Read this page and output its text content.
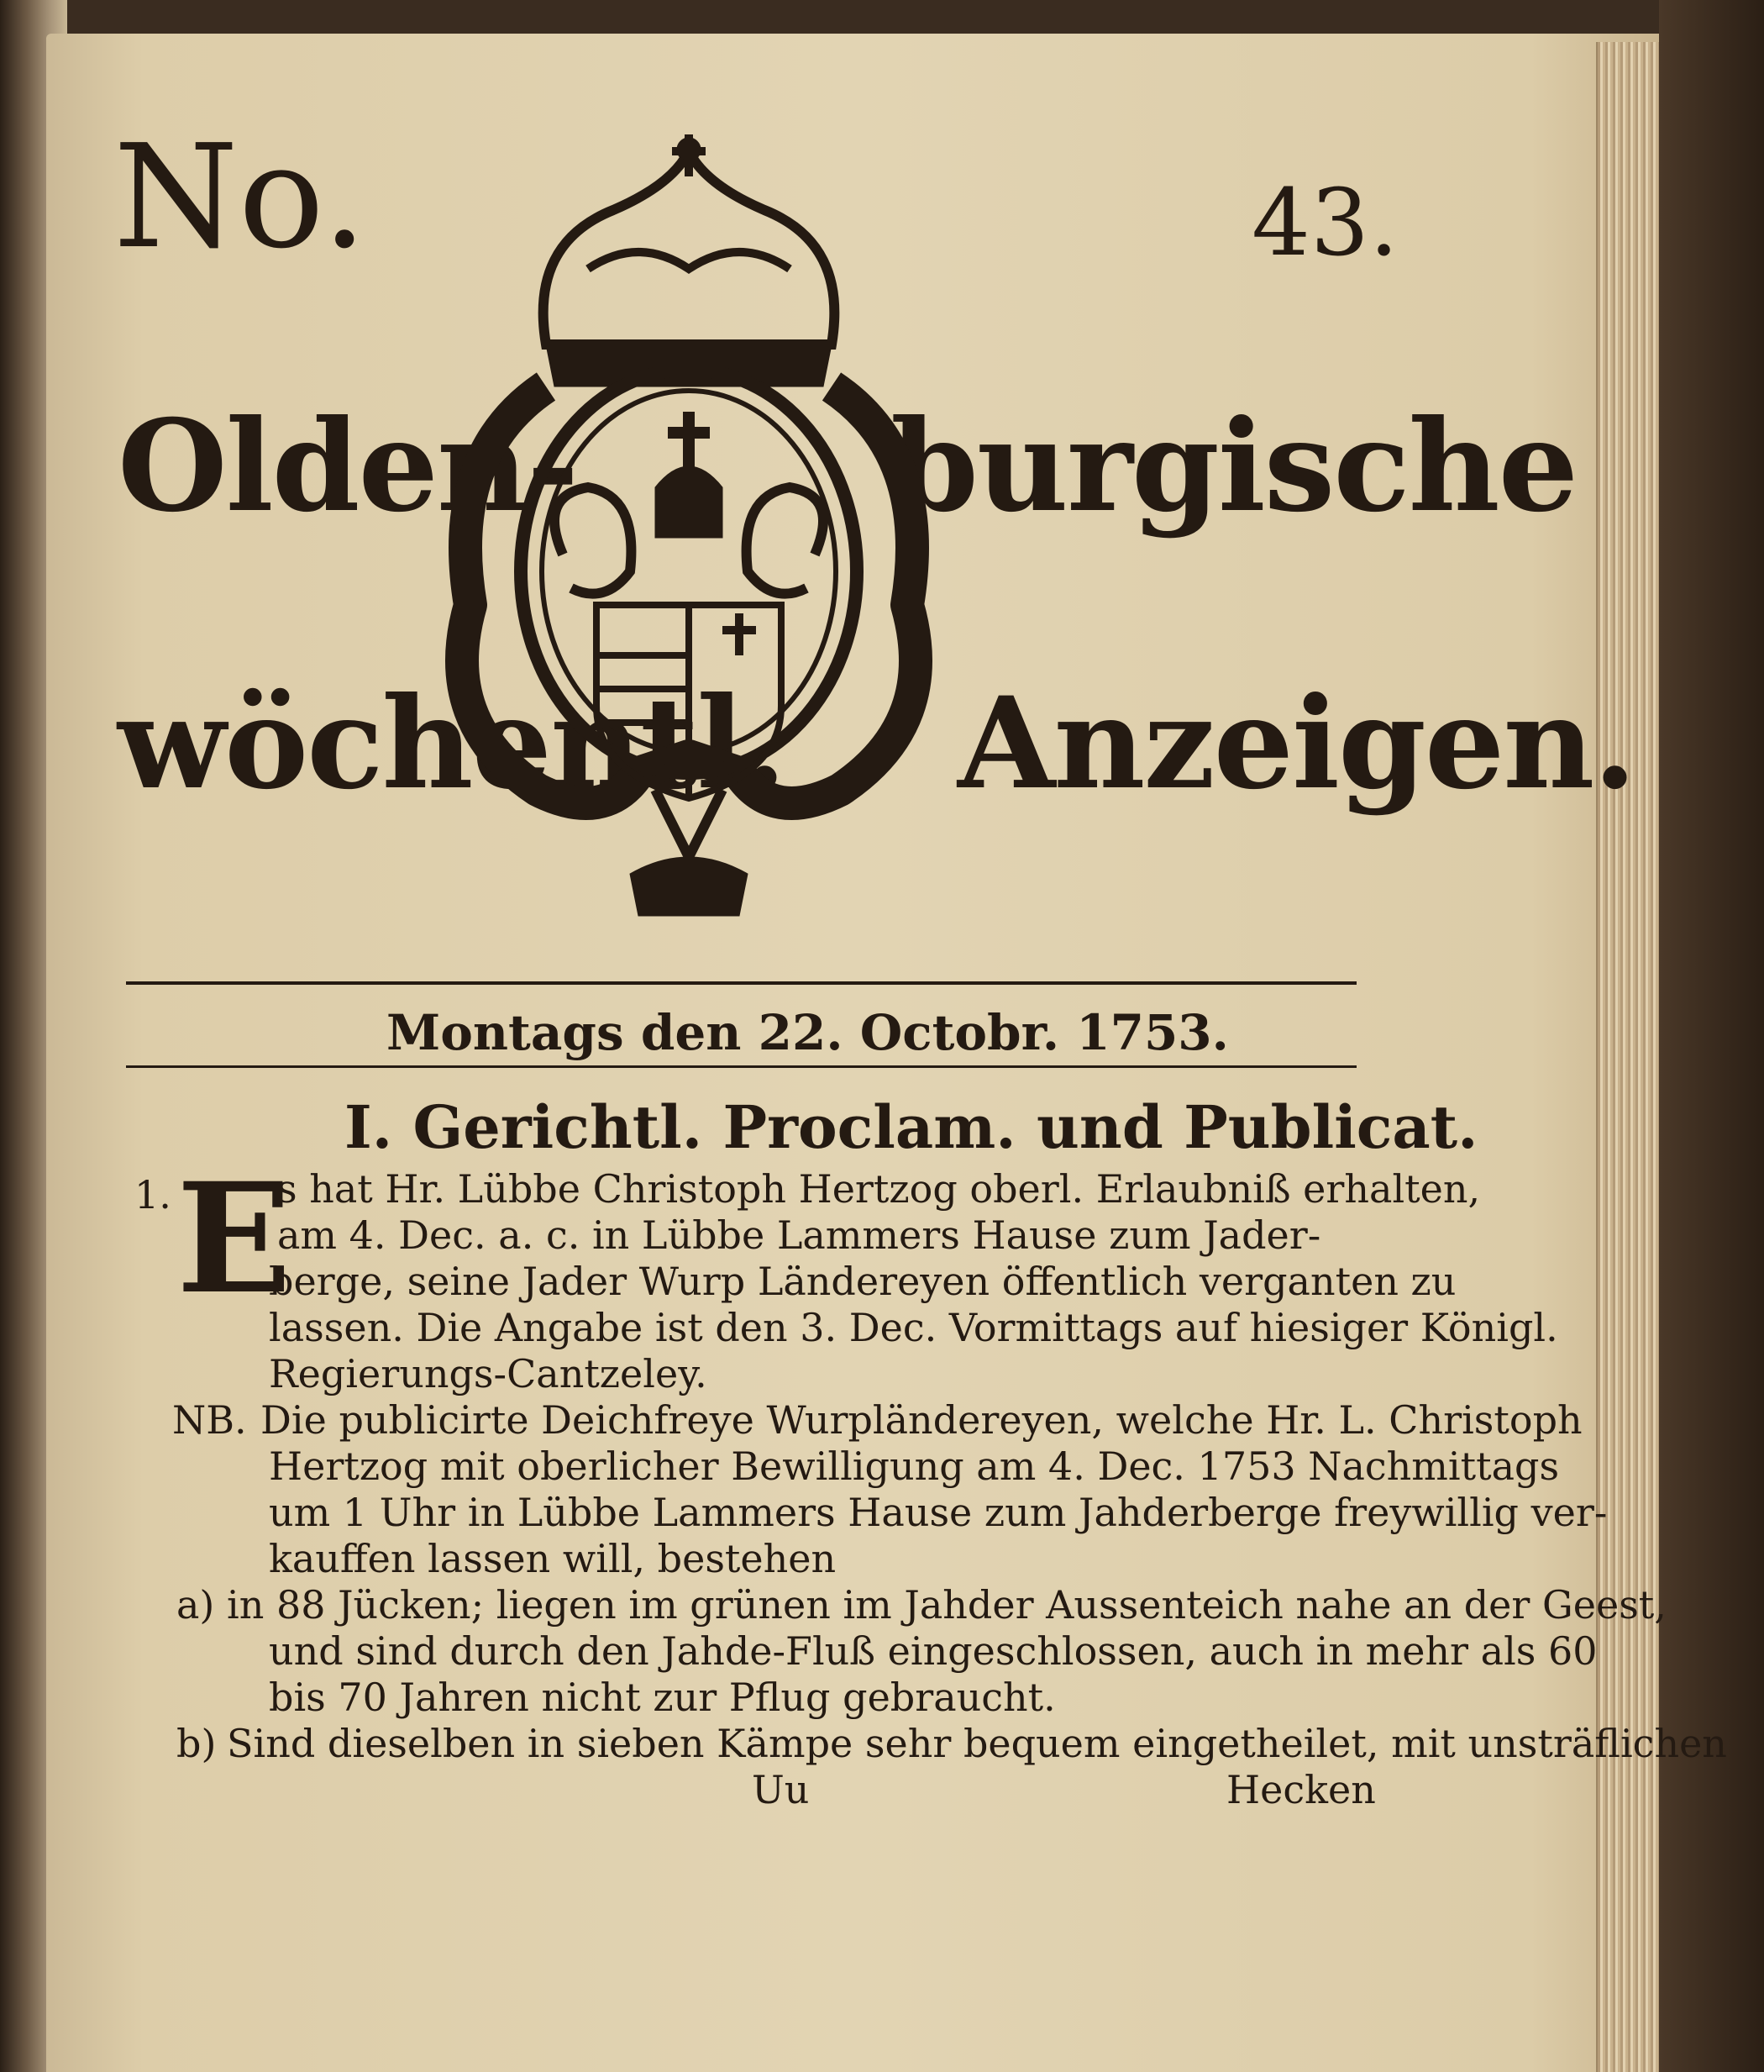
No.	43.
Olden- burgische
wöchentl. Anzeigen.
Montags den 22. Octobr. 1753.
I. Gerichtl. Proclam. und Publicat.
1. E
s hat Hr. Lübbe Christoph Hertzog oberl. Erlaubniß erhalten,
am 4. Dec. a. c. in Lübbe Lammers Hause zum Jader-
berge, seine Jader Wurp Ländereyen öffentlich verganten zu
lassen. Die Angabe ist den 3. Dec. Vormittags auf hiesiger Königl.
Regierungs-Cantzeley.
NB. Die publicirte Deichfreye Wurpländereyen, welche Hr. L. Christoph
Hertzog mit oberlicher Bewilligung am 4. Dec. 1753 Nachmittags
um 1 Uhr in Lübbe Lammers Hause zum Jahderberge freywillig ver-
kauffen lassen will, bestehen
a) in 88 Jücken; liegen im grünen im Jahder Aussenteich nahe an der Geest,
und sind durch den Jahde-Fluß eingeschlossen, auch in mehr als 60
bis 70 Jahren nicht zur Pflug gebraucht.
b) Sind dieselben in sieben Kämpe sehr bequem eingetheilet, mit unsträflichen
Uu	Hecken
